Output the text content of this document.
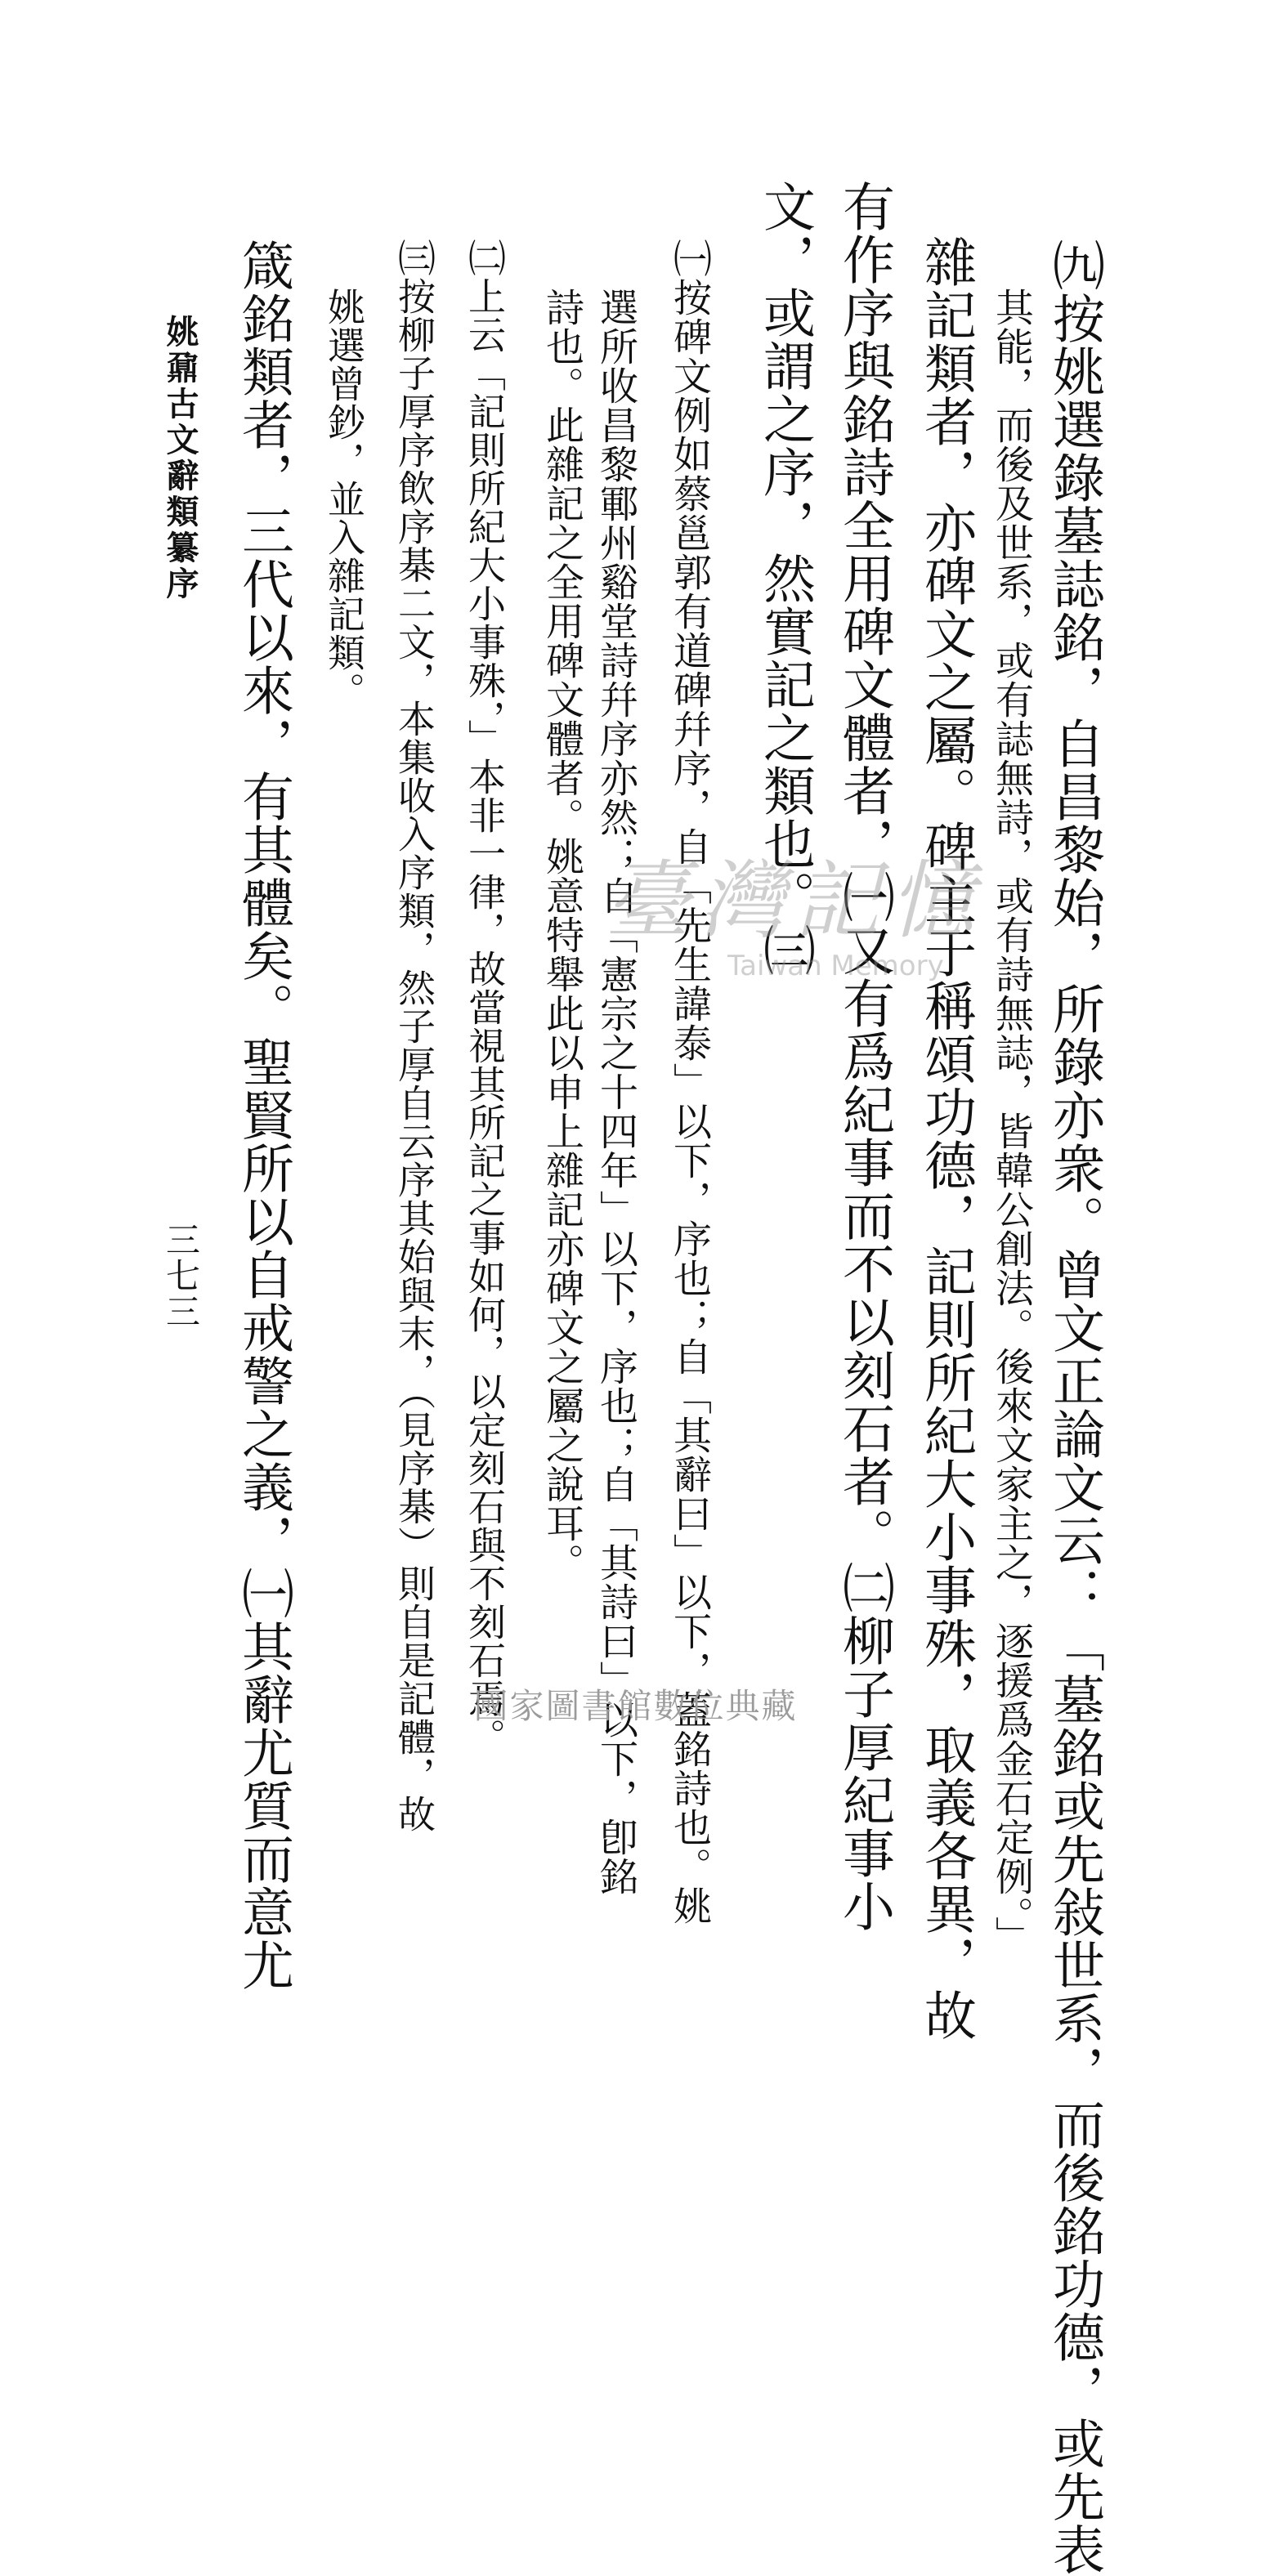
㈨按姚選錄墓誌銘，自昌黎始，所錄亦衆。曾文正論文云：「墓銘或先敍世系，而後銘功德，或先表
其能，而後及世系，或有誌無詩，或有詩無誌，皆韓公創法。後來文家主之，逐援爲金石定例。」
雜記類者，亦碑文之屬。碑主于稱頌功德，記則所紀大小事殊，取義各異，故
有作序與銘詩全用碑文體者，㈠又有爲紀事而不以刻石者。㈡柳子厚紀事小
文，或謂之序，然實記之類也。㈢
㈠按碑文例如蔡邕郭有道碑幷序，自「先生諱泰」以下，序也；自「其辭曰」以下，蓋銘詩也。姚
選所收昌黎鄆州谿堂詩幷序亦然；自「憲宗之十四年」以下，序也；自「其詩曰」以下，卽銘
詩也。此雜記之全用碑文體者。姚意特舉此以申上雜記亦碑文之屬之說耳。
㈡上云「記則所紀大小事殊，」本非一律，故當視其所記之事如何，以定刻石與不刻石焉。
㈢按柳子厚序飲序棊二文，本集收入序類，然子厚自云序其始與末，（見序棊）則自是記體，故
姚選曾鈔，並入雜記類。
箴銘類者，三代以來，有其體矣。聖賢所以自戒警之義，㈠其辭尤質而意尤
姚鼐古文辭類纂序
三七三
臺灣記憶
Taiwan Memory
國家圖書館數位典藏
